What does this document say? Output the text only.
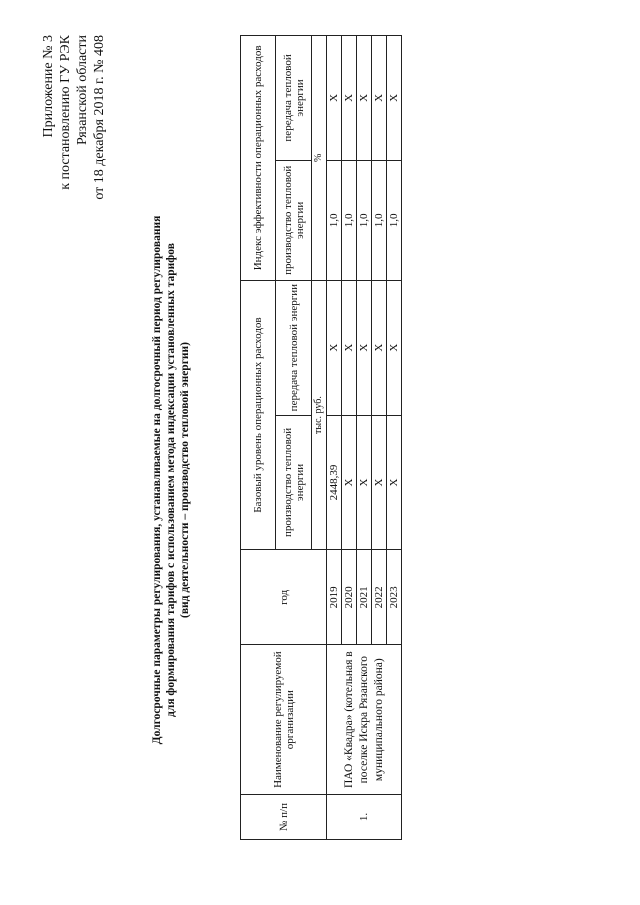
Приложение № 3 к постановлению ГУ РЭК Рязанской области от 18 декабря 2018 г. № 408
Долгосрочные параметры регулирования, устанавливаемые на долгосрочный период регулирования для формирования тарифов с использованием метода индексации установленных тарифов (вид деятельности – производство тепловой энергии)
№ п/п	Наименование регулируемой организации	год	Базовый уровень операционных расходов		Индекс эффективности операционных расходов	
			производство тепловой энергии	передача тепловой энергии	производство тепловой энергии	передача тепловой энергии
			тыс. руб.		%	
1.	ПАО «Квадра» (котельная в поселке Искра Рязанского муниципального района)	2019	2448,39	X	1,0	X
		2020	X	X	1,0	X
		2021	X	X	1,0	X
		2022	X	X	1,0	X
		2023	X	X	1,0	X
